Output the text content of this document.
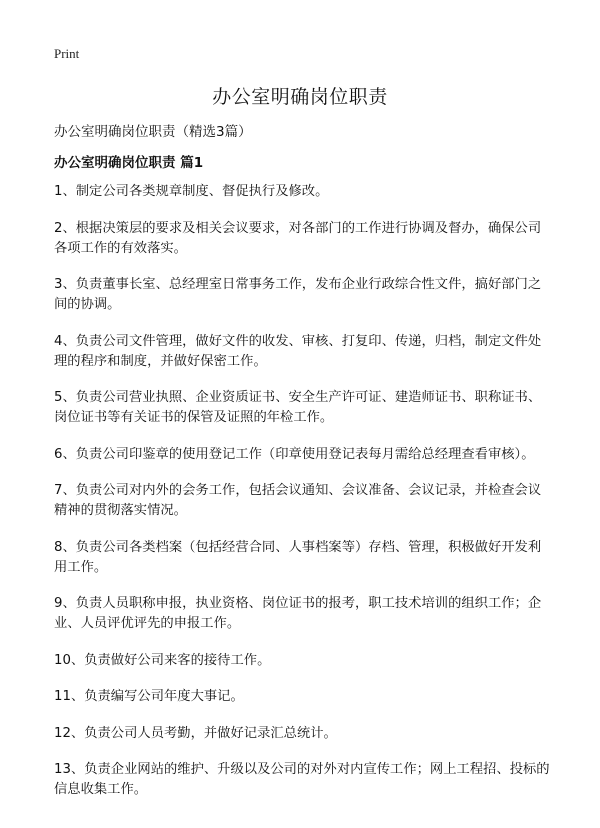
Print
办公室明确岗位职责

办公室明确岗位职责（精选3篇）

办公室明确岗位职责 篇1
1、制定公司各类规章制度、督促执行及修改。
2、根据决策层的要求及相关会议要求，对各部门的工作进行协调及督办，确保公司各项工作的有效落实。
3、负责董事长室、总经理室日常事务工作，发布企业行政综合性文件，搞好部门之间的协调。
4、负责公司文件管理，做好文件的收发、审核、打复印、传递，归档，制定文件处理的程序和制度，并做好保密工作。
5、负责公司营业执照、企业资质证书、安全生产许可证、建造师证书、职称证书、岗位证书等有关证书的保管及证照的年检工作。
6、负责公司印鉴章的使用登记工作（印章使用登记表每月需给总经理查看审核）。
7、负责公司对内外的会务工作，包括会议通知、会议准备、会议记录，并检查会议精神的贯彻落实情况。
8、负责公司各类档案（包括经营合同、人事档案等）存档、管理，积极做好开发利用工作。
9、负责人员职称申报，执业资格、岗位证书的报考，职工技术培训的组织工作；企业、人员评优评先的申报工作。
10、负责做好公司来客的接待工作。
11、负责编写公司年度大事记。
12、负责公司人员考勤，并做好记录汇总统计。
13、负责企业网站的维护、升级以及公司的对外对内宣传工作；网上工程招、投标的信息收集工作。
